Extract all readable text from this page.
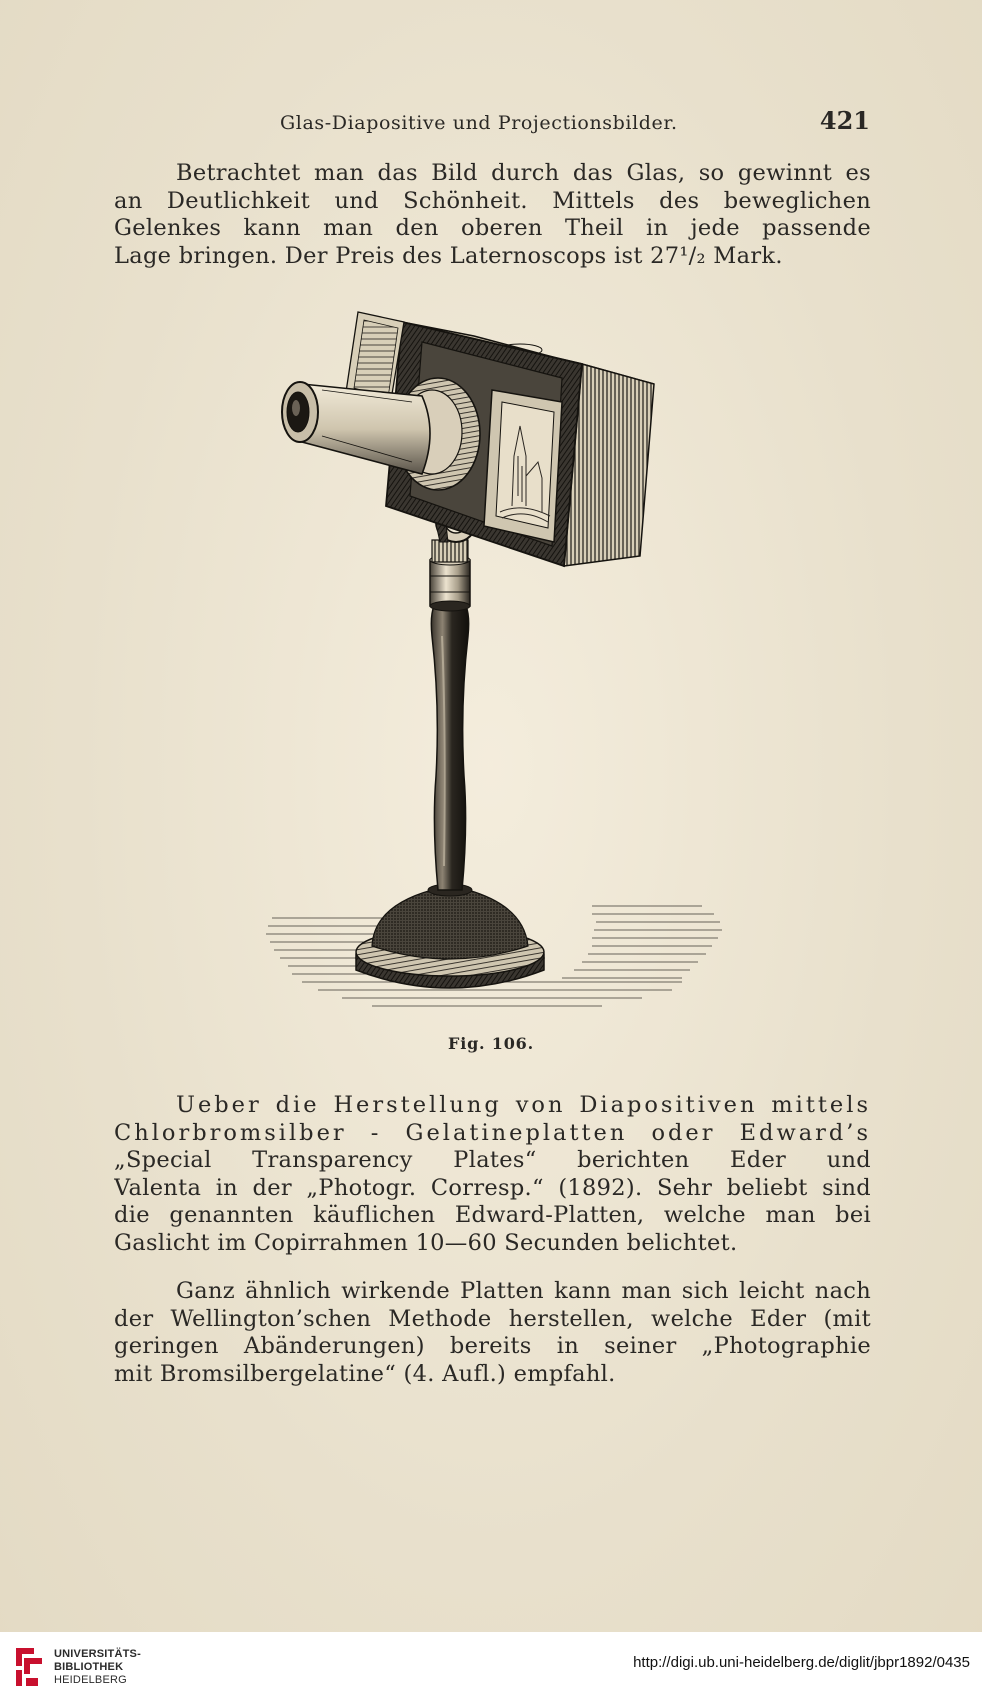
Glas-Diapositive und Projectionsbilder.	421

Betrachtet man das Bild durch das Glas, so gewinnt es
an Deutlichkeit und Schönheit. Mittels des beweglichen
Gelenkes kann man den oberen Theil in jede passende
Lage bringen. Der Preis des Laternoscops ist 27¹/₂ Mark.

Fig. 106.

Ueber die Herstellung von Diapositiven mittels
Chlorbromsilber - Gelatineplatten oder Edward’s
„Special Transparency Plates“ berichten Eder und
Valenta in der „Photogr. Corresp.“ (1892). Sehr beliebt sind
die genannten käuflichen Edward-Platten, welche man bei
Gaslicht im Copirrahmen 10—60 Secunden belichtet.

Ganz ähnlich wirkende Platten kann man sich leicht nach
der Wellington’schen Methode herstellen, welche Eder (mit
geringen Abänderungen) bereits in seiner „Photographie
mit Bromsilbergelatine“ (4. Aufl.) empfahl.

UNIVERSITÄTS-
BIBLIOTHEK
HEIDELBERG
http://digi.ub.uni-heidelberg.de/diglit/jbpr1892/0435
